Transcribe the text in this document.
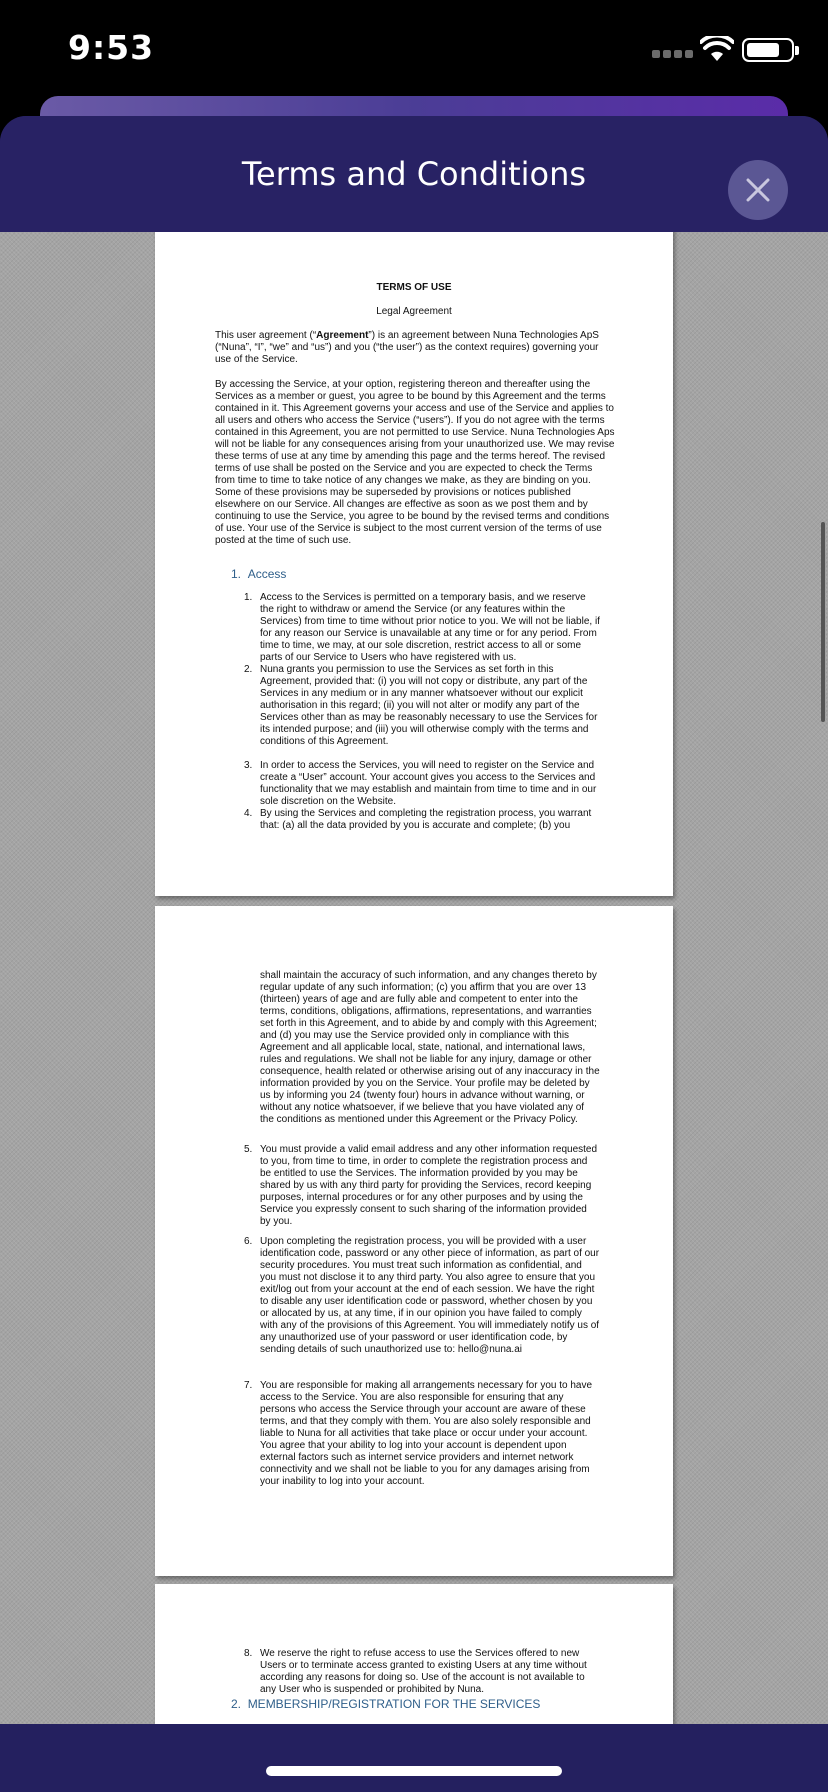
9:53
Terms and Conditions
TERMS OF USE
Legal Agreement
This user agreement (“Agreement”) is an agreement between Nuna Technologies ApS (“Nuna”, “I”, “we” and “us”) and you (“the user”) as the context requires) governing your use of the Service.
By accessing the Service, at your option, registering thereon and thereafter using the Services as a member or guest, you agree to be bound by this Agreement and the terms contained in it. This Agreement governs your access and use of the Service and applies to all users and others who access the Service (“users”). If you do not agree with the terms contained in this Agreement, you are not permitted to use Service. Nuna Technologies Aps will not be liable for any consequences arising from your unauthorized use. We may revise these terms of use at any time by amending this page and the terms hereof. The revised terms of use shall be posted on the Service and you are expected to check the Terms from time to time to take notice of any changes we make, as they are binding on you. Some of these provisions may be superseded by provisions or notices published elsewhere on our Service. All changes are effective as soon as we post them and by continuing to use the Service, you agree to be bound by the revised terms and conditions of use. Your use of the Service is subject to the most current version of the terms of use posted at the time of such use.
1. Access
1. Access to the Services is permitted on a temporary basis, and we reserve the right to withdraw or amend the Service (or any features within the Services) from time to time without prior notice to you. We will not be liable, if for any reason our Service is unavailable at any time or for any period. From time to time, we may, at our sole discretion, restrict access to all or some parts of our Service to Users who have registered with us.
2. Nuna grants you permission to use the Services as set forth in this Agreement, provided that: (i) you will not copy or distribute, any part of the Services in any medium or in any manner whatsoever without our explicit authorisation in this regard; (ii) you will not alter or modify any part of the Services other than as may be reasonably necessary to use the Services for its intended purpose; and (iii) you will otherwise comply with the terms and conditions of this Agreement.
3. In order to access the Services, you will need to register on the Service and create a “User” account. Your account gives you access to the Services and functionality that we may establish and maintain from time to time and in our sole discretion on the Website.
4. By using the Services and completing the registration process, you warrant that: (a) all the data provided by you is accurate and complete; (b) you
shall maintain the accuracy of such information, and any changes thereto by regular update of any such information; (c) you affirm that you are over 13 (thirteen) years of age and are fully able and competent to enter into the terms, conditions, obligations, affirmations, representations, and warranties set forth in this Agreement, and to abide by and comply with this Agreement; and (d) you may use the Service provided only in compliance with this Agreement and all applicable local, state, national, and international laws, rules and regulations. We shall not be liable for any injury, damage or other consequence, health related or otherwise arising out of any inaccuracy in the information provided by you on the Service. Your profile may be deleted by us by informing you 24 (twenty four) hours in advance without warning, or without any notice whatsoever, if we believe that you have violated any of the conditions as mentioned under this Agreement or the Privacy Policy.
5. You must provide a valid email address and any other information requested to you, from time to time, in order to complete the registration process and be entitled to use the Services. The information provided by you may be shared by us with any third party for providing the Services, record keeping purposes, internal procedures or for any other purposes and by using the Service you expressly consent to such sharing of the information provided by you.
6. Upon completing the registration process, you will be provided with a user identification code, password or any other piece of information, as part of our security procedures. You must treat such information as confidential, and you must not disclose it to any third party. You also agree to ensure that you exit/log out from your account at the end of each session. We have the right to disable any user identification code or password, whether chosen by you or allocated by us, at any time, if in our opinion you have failed to comply with any of the provisions of this Agreement. You will immediately notify us of any unauthorized use of your password or user identification code, by sending details of such unauthorized use to: hello@nuna.ai
7. You are responsible for making all arrangements necessary for you to have access to the Service. You are also responsible for ensuring that any persons who access the Service through your account are aware of these terms, and that they comply with them. You are also solely responsible and liable to Nuna for all activities that take place or occur under your account. You agree that your ability to log into your account is dependent upon external factors such as internet service providers and internet network connectivity and we shall not be liable to you for any damages arising from your inability to log into your account.
8. We reserve the right to refuse access to use the Services offered to new Users or to terminate access granted to existing Users at any time without according any reasons for doing so. Use of the account is not available to any User who is suspended or prohibited by Nuna.
2. MEMBERSHIP/REGISTRATION FOR THE SERVICES
